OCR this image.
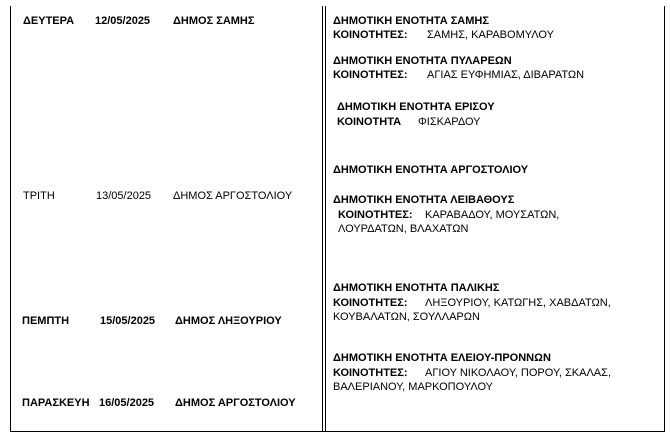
ΔΕΥΤΕΡΑ 12/05/2025 ΔΗΜΟΣ ΣΑΜΗΣ
ΤΡΙΤΗ	13/05/2025 ΔΗΜΟΣ ΑΡΓΟΣΤΟΛΙΟΥ
ΠΕΜΠΤΗ	15/05/2025 ΔΗΜΟΣ ΛΗΞΟΥΡΙΟΥ
ΠΑΡΑΣΚΕΥΗ 16/05/2025 ΔΗΜΟΣ ΑΡΓΟΣΤΟΛΙΟΥ
ΔΗΜΟΤΙΚΗ ΕΝΟΤΗΤΑ ΣΑΜΗΣ
ΚΟΙΝΟΤΗΤΕΣ: ΣΑΜΗΣ, ΚΑΡΑΒΟΜΥΛΟΥ
ΔΗΜΟΤΙΚΗ ΕΝΟΤΗΤΑ ΠΥΛΑΡΕΩΝ
ΚΟΙΝΟΤΗΤΕΣ: ΑΓΙΑΣ ΕΥΦΗΜΙΑΣ, ΔΙΒΑΡΑΤΩΝ
ΔΗΜΟΤΙΚΗ ΕΝΟΤΗΤΑ ΕΡΙΣΟΥ
ΚΟΙΝΟΤΗΤΑ ΦΙΣΚΑΡΔΟΥ
ΔΗΜΟΤΙΚΗ ΕΝΟΤΗΤΑ ΑΡΓΟΣΤΟΛΙΟΥ
ΔΗΜΟΤΙΚΗ ΕΝΟΤΗΤΑ ΛΕΙΒΑΘΟΥΣ
ΚΟΙΝΟΤΗΤΕΣ: ΚΑΡΑΒΑΔΟΥ, ΜΟΥΣΑΤΩΝ,
ΛΟΥΡΔΑΤΩΝ, ΒΛΑΧΑΤΩΝ
ΔΗΜΟΤΙΚΗ ΕΝΟΤΗΤΑ ΠΑΛΙΚΗΣ
ΚΟΙΝΟΤΗΤΕΣ: ΛΗΞΟΥΡΙΟΥ, ΚΑΤΩΓΗΣ, ΧΑΒΔΑΤΩΝ,
ΚΟΥΒΑΛΑΤΩΝ, ΣΟΥΛΛΑΡΩΝ
ΔΗΜΟΤΙΚΗ ΕΝΟΤΗΤΑ ΕΛΕΙΟΥ-ΠΡΟΝΝΩΝ
ΚΟΙΝΟΤΗΤΕΣ: ΑΓΙΟΥ ΝΙΚΟΛΑΟΥ, ΠΟΡΟΥ, ΣΚΑΛΑΣ,
ΒΑΛΕΡΙΑΝΟΥ, ΜΑΡΚΟΠΟΥΛΟΥ
